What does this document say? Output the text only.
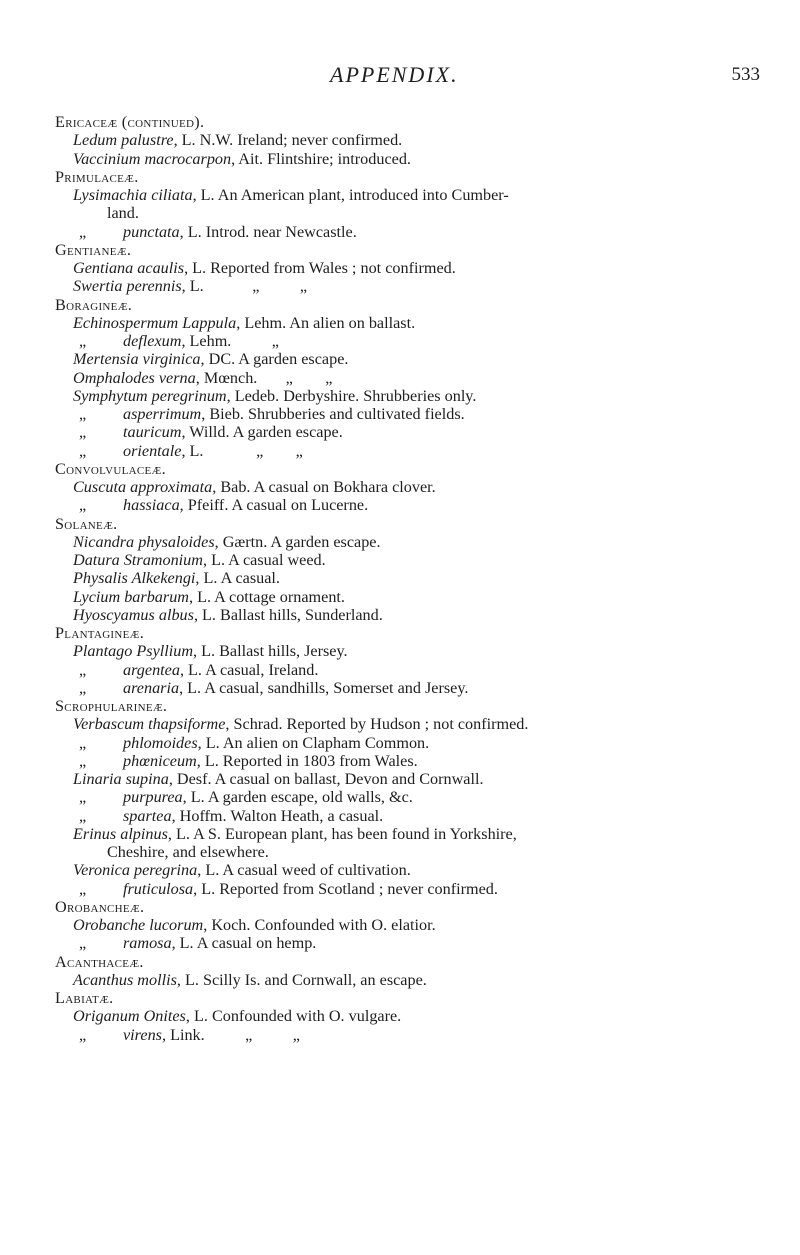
APPENDIX.	533
Ericaceæ (continued).
Ledum palustre, L. N.W. Ireland; never confirmed.
Vaccinium macrocarpon, Ait. Flintshire; introduced.
Primulaceæ.
Lysimachia ciliata, L. An American plant, introduced into Cumber-
land.
„ punctata, L. Introd. near Newcastle.
Gentianeæ.
Gentiana acaulis, L. Reported from Wales ; not confirmed.
Swertia perennis, L.            „          „
Boragineæ.
Echinospermum Lappula, Lehm. An alien on ballast.
„ deflexum, Lehm.          „
Mertensia virginica, DC. A garden escape.
Omphalodes verna, Mœnch.       „        „
Symphytum peregrinum, Ledeb. Derbyshire. Shrubberies only.
„ asperrimum, Bieb. Shrubberies and cultivated fields.
„ tauricum, Willd. A garden escape.
„ orientale, L.             „        „
Convolvulaceæ.
Cuscuta approximata, Bab. A casual on Bokhara clover.
„ hassiaca, Pfeiff. A casual on Lucerne.
Solaneæ.
Nicandra physaloides, Gærtn. A garden escape.
Datura Stramonium, L. A casual weed.
Physalis Alkekengi, L. A casual.
Lycium barbarum, L. A cottage ornament.
Hyoscyamus albus, L. Ballast hills, Sunderland.
Plantagineæ.
Plantago Psyllium, L. Ballast hills, Jersey.
„ argentea, L. A casual, Ireland.
„ arenaria, L. A casual, sandhills, Somerset and Jersey.
Scrophularineæ.
Verbascum thapsiforme, Schrad. Reported by Hudson ; not confirmed.
„ phlomoides, L. An alien on Clapham Common.
„ phœniceum, L. Reported in 1803 from Wales.
Linaria supina, Desf. A casual on ballast, Devon and Cornwall.
„ purpurea, L. A garden escape, old walls, &c.
„ spartea, Hoffm. Walton Heath, a casual.
Erinus alpinus, L. A S. European plant, has been found in Yorkshire,
Cheshire, and elsewhere.
Veronica peregrina, L. A casual weed of cultivation.
„ fruticulosa, L. Reported from Scotland ; never confirmed.
Orobancheæ.
Orobanche lucorum, Koch. Confounded with O. elatior.
„ ramosa, L. A casual on hemp.
Acanthaceæ.
Acanthus mollis, L. Scilly Is. and Cornwall, an escape.
Labiatæ.
Origanum Onites, L. Confounded with O. vulgare.
„ virens, Link.          „          „
